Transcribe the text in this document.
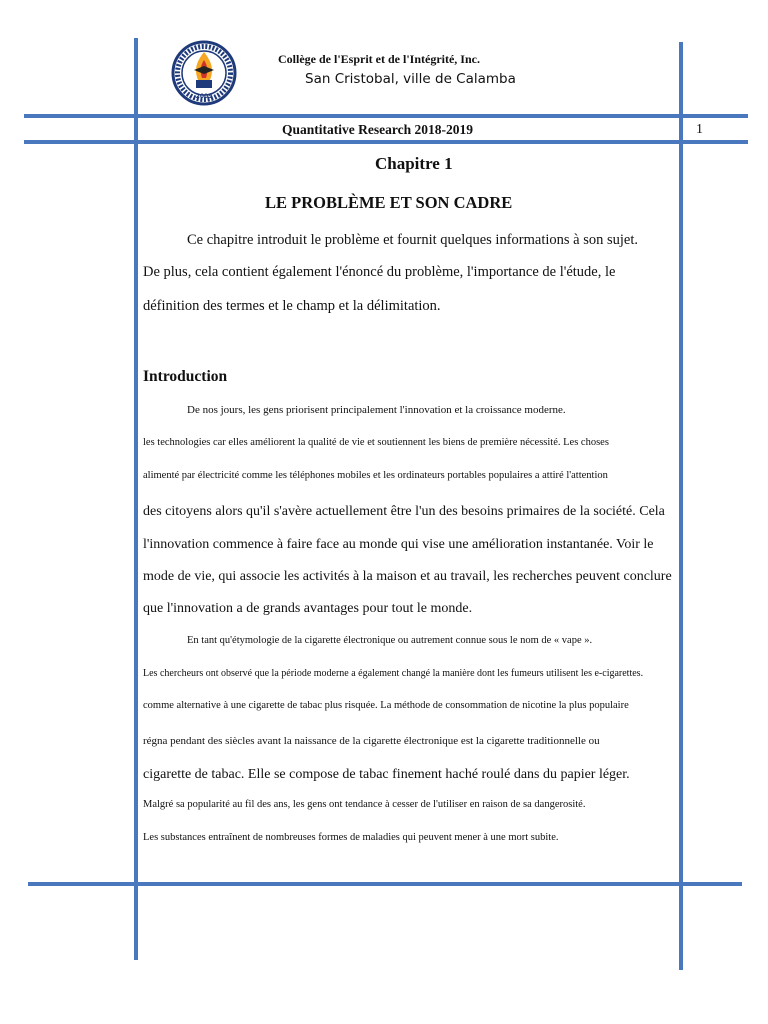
2009
Collège de l'Esprit et de l'Intégrité, Inc.
San Cristobal, ville de Calamba
Quantitative Research 2018-2019	1
Chapitre 1
LE PROBLÈME ET SON CADRE
Ce chapitre introduit le problème et fournit quelques informations à son sujet.
De plus, cela contient également l'énoncé du problème, l'importance de l'étude, le
définition des termes et le champ et la délimitation.
Introduction
De nos jours, les gens priorisent principalement l'innovation et la croissance moderne.
les technologies car elles améliorent la qualité de vie et soutiennent les biens de première nécessité. Les choses
alimenté par électricité comme les téléphones mobiles et les ordinateurs portables populaires a attiré l'attention
des citoyens alors qu'il s'avère actuellement être l'un des besoins primaires de la société. Cela
l'innovation commence à faire face au monde qui vise une amélioration instantanée. Voir le
mode de vie, qui associe les activités à la maison et au travail, les recherches peuvent conclure
que l'innovation a de grands avantages pour tout le monde.
En tant qu'étymologie de la cigarette électronique ou autrement connue sous le nom de « vape ».
Les chercheurs ont observé que la période moderne a également changé la manière dont les fumeurs utilisent les e-cigarettes.
comme alternative à une cigarette de tabac plus risquée. La méthode de consommation de nicotine la plus populaire
régna pendant des siècles avant la naissance de la cigarette électronique est la cigarette traditionnelle ou
cigarette de tabac. Elle se compose de tabac finement haché roulé dans du papier léger.
Malgré sa popularité au fil des ans, les gens ont tendance à cesser de l'utiliser en raison de sa dangerosité.
Les substances entraînent de nombreuses formes de maladies qui peuvent mener à une mort subite.
